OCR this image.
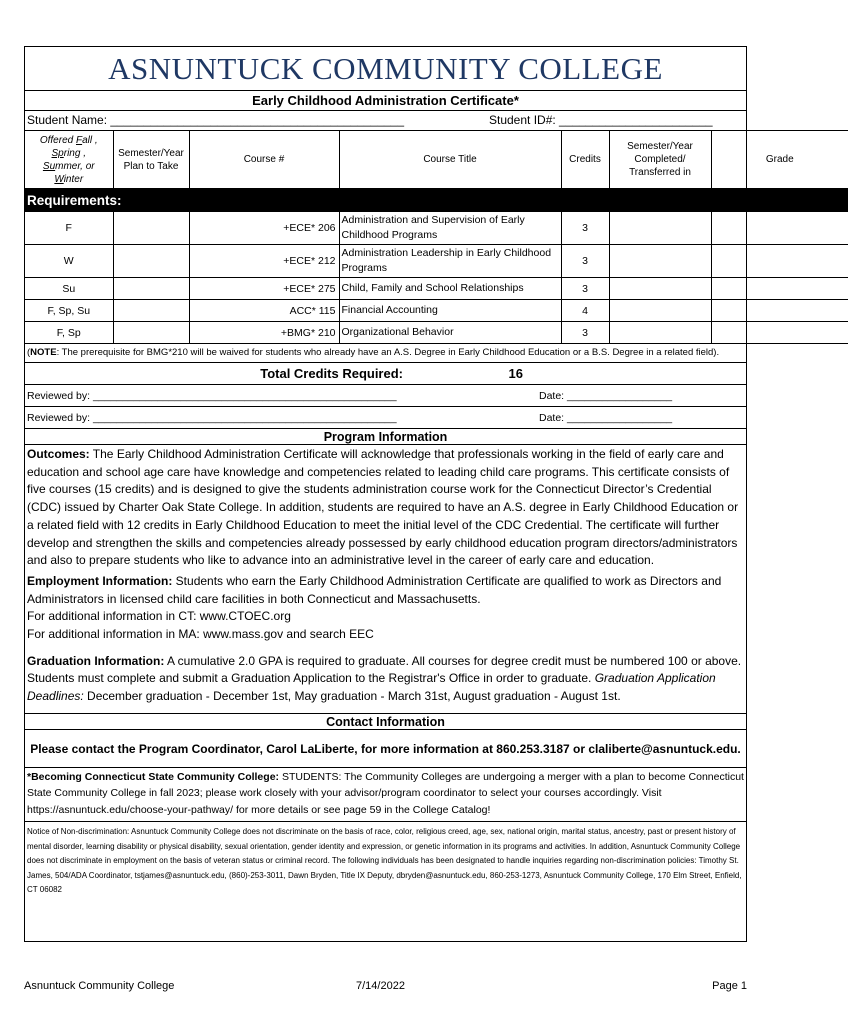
ASNUNTUCK COMMUNITY COLLEGE
Early Childhood Administration Certificate*
Student Name: ____________________________________________	Student ID#: _______________________
Offered Fall ,
Spring ,
Summer, or
Winter	Semester/Year Plan to Take	Course #	Course Title	Credits	Semester/Year Completed/ Transferred in	Grade
Requirements:						
F		+ECE* 206	Administration and Supervision of Early Childhood Programs	3		
W		+ECE* 212	Administration Leadership in Early Childhood Programs	3		
Su		+ECE* 275	Child, Family and School Relationships	3		
F, Sp, Su		ACC* 115	Financial Accounting	4		
F, Sp		+BMG* 210	Organizational Behavior	3		
(NOTE: The prerequisite for BMG*210 will be waived for students who already have an A.S. Degree in Early Childhood Education or a B.S. Degree in a related field).
Total Credits Required:	16
Reviewed by: ____________________________________________________	Date: __________________
Reviewed by: ____________________________________________________	Date: __________________
Program Information

Outcomes: The Early Childhood Administration Certificate will acknowledge that professionals working in the field of early care and education and school age care have knowledge and competencies related to leading child care programs. This certificate consists of five courses (15 credits) and is designed to give the students administration course work for the Connecticut Director’s Credential (CDC) issued by Charter Oak State College. In addition, students are required to have an A.S. degree in Early Childhood Education or a related field with 12 credits in Early Childhood Education to meet the initial level of the CDC Credential. The certificate will further develop and strengthen the skills and competencies already possessed by early childhood education program directors/administrators and also to prepare students who like to advance into an administrative level in the career of early care and education.

Employment Information: Students who earn the Early Childhood Administration Certificate are qualified to work as Directors and Administrators in licensed child care facilities in both Connecticut and Massachusetts.

For additional information in CT: www.CTOEC.org
For additional information in MA: www.mass.gov and search EEC

Graduation Information: A cumulative 2.0 GPA is required to graduate. All courses for degree credit must be numbered 100 or above. Students must complete and submit a Graduation Application to the Registrar's Office in order to graduate. Graduation Application Deadlines: December graduation - December 1st, May graduation - March 31st, August graduation - August 1st.

Contact Information
Please contact the Program Coordinator, Carol LaLiberte, for more information at 860.253.3187 or claliberte@asnuntuck.edu.
*Becoming Connecticut State Community College: STUDENTS: The Community Colleges are undergoing a merger with a plan to become Connecticut State Community College in fall 2023; please work closely with your advisor/program coordinator to select your courses accordingly. Visit https://asnuntuck.edu/choose-your-pathway/ for more details or see page 59 in the College Catalog!
Notice of Non-discrimination: Asnuntuck Community College does not discriminate on the basis of race, color, religious creed, age, sex, national origin, marital status, ancestry, past or present history of mental disorder, learning disability or physical disability, sexual orientation, gender identity and expression, or genetic information in its programs and activities. In addition, Asnuntuck Community College does not discriminate in employment on the basis of veteran status or criminal record. The following individuals has been designated to handle inquiries regarding non-discrimination policies: Timothy St. James, 504/ADA Coordinator, tstjames@asnuntuck.edu, (860)-253-3011, Dawn Bryden, Title IX Deputy, dbryden@asnuntuck.edu, 860-253-1273, Asnuntuck Community College, 170 Elm Street, Enfield, CT 06082
Asnuntuck Community College	7/14/2022	Page 1
